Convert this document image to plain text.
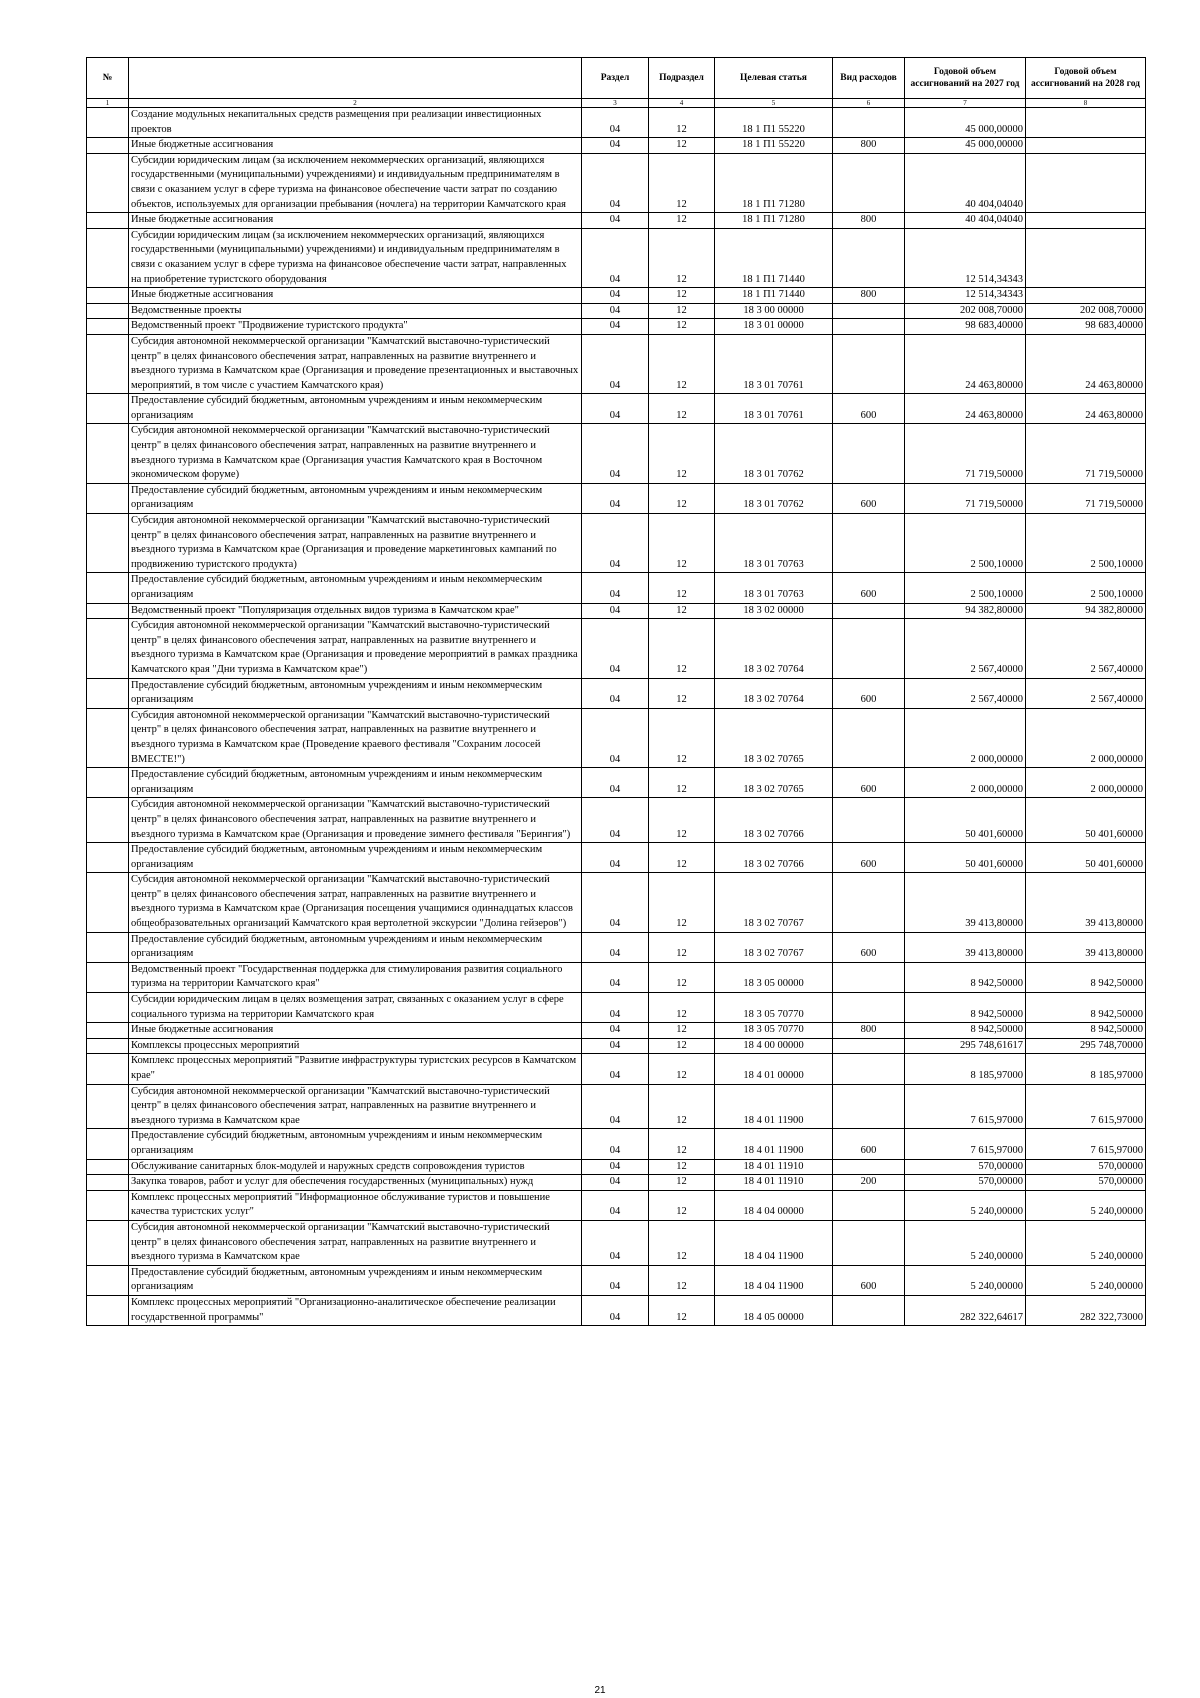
№		Раздел	Подраздел	Целевая статья	Вид расходов	Годовой объем ассигнований на 2027 год	Годовой объем ассигнований на 2028 год
1	2	3	4	5	6	7	8
	Создание модульных некапитальных средств размещения при реализации инвестиционных проектов	04	12	18 1 П1 55220		45 000,00000	
	Иные бюджетные ассигнования	04	12	18 1 П1 55220	800	45 000,00000	
	Субсидии юридическим лицам (за исключением некоммерческих организаций, являющихся государственными (муниципальными) учреждениями) и индивидуальным предпринимателям в связи с оказанием услуг в сфере туризма на финансовое обеспечение части затрат по созданию объектов, используемых для организации пребывания (ночлега) на территории Камчатского края	04	12	18 1 П1 71280		40 404,04040	
	Иные бюджетные ассигнования	04	12	18 1 П1 71280	800	40 404,04040	
	Субсидии юридическим лицам (за исключением некоммерческих организаций, являющихся государственными (муниципальными) учреждениями) и индивидуальным предпринимателям в связи с оказанием услуг в сфере туризма на финансовое обеспечение части затрат, направленных на приобретение туристского оборудования	04	12	18 1 П1 71440		12 514,34343	
	Иные бюджетные ассигнования	04	12	18 1 П1 71440	800	12 514,34343	
	Ведомственные проекты	04	12	18 3 00 00000		202 008,70000	202 008,70000
	Ведомственный проект "Продвижение туристского продукта"	04	12	18 3 01 00000		98 683,40000	98 683,40000
	Субсидия автономной некоммерческой организации "Камчатский выставочно-туристический центр" в целях финансового обеспечения затрат, направленных на развитие внутреннего и въездного туризма в Камчатском крае (Организация и проведение презентационных и выставочных мероприятий, в том числе с участием Камчатского края)	04	12	18 3 01 70761		24 463,80000	24 463,80000
	Предоставление субсидий бюджетным, автономным учреждениям и иным некоммерческим организациям	04	12	18 3 01 70761	600	24 463,80000	24 463,80000
	Субсидия автономной некоммерческой организации "Камчатский выставочно-туристический центр" в целях финансового обеспечения затрат, направленных на развитие внутреннего и въездного туризма в Камчатском крае (Организация участия Камчатского края в Восточном экономическом форуме)	04	12	18 3 01 70762		71 719,50000	71 719,50000
	Предоставление субсидий бюджетным, автономным учреждениям и иным некоммерческим организациям	04	12	18 3 01 70762	600	71 719,50000	71 719,50000
	Субсидия автономной некоммерческой организации "Камчатский выставочно-туристический центр" в целях финансового обеспечения затрат, направленных на развитие внутреннего и въездного туризма в Камчатском крае (Организация и проведение маркетинговых кампаний по продвижению туристского продукта)	04	12	18 3 01 70763		2 500,10000	2 500,10000
	Предоставление субсидий бюджетным, автономным учреждениям и иным некоммерческим организациям	04	12	18 3 01 70763	600	2 500,10000	2 500,10000
	Ведомственный проект "Популяризация отдельных видов туризма в Камчатском крае"	04	12	18 3 02 00000		94 382,80000	94 382,80000
	Субсидия автономной некоммерческой организации "Камчатский выставочно-туристический центр" в целях финансового обеспечения затрат, направленных на развитие внутреннего и въездного туризма в Камчатском крае (Организация и проведение мероприятий в рамках праздника Камчатского края "Дни туризма в Камчатском крае")	04	12	18 3 02 70764		2 567,40000	2 567,40000
	Предоставление субсидий бюджетным, автономным учреждениям и иным некоммерческим организациям	04	12	18 3 02 70764	600	2 567,40000	2 567,40000
	Субсидия автономной некоммерческой организации "Камчатский выставочно-туристический центр" в целях финансового обеспечения затрат, направленных на развитие внутреннего и въездного туризма в Камчатском крае (Проведение краевого фестиваля "Сохраним лососей ВМЕСТЕ!")	04	12	18 3 02 70765		2 000,00000	2 000,00000
	Предоставление субсидий бюджетным, автономным учреждениям и иным некоммерческим организациям	04	12	18 3 02 70765	600	2 000,00000	2 000,00000
	Субсидия автономной некоммерческой организации "Камчатский выставочно-туристический центр" в целях финансового обеспечения затрат, направленных на развитие внутреннего и въездного туризма в Камчатском крае (Организация и проведение зимнего фестиваля "Берингия")	04	12	18 3 02 70766		50 401,60000	50 401,60000
	Предоставление субсидий бюджетным, автономным учреждениям и иным некоммерческим организациям	04	12	18 3 02 70766	600	50 401,60000	50 401,60000
	Субсидия автономной некоммерческой организации "Камчатский выставочно-туристический центр" в целях финансового обеспечения затрат, направленных на развитие внутреннего и въездного туризма в Камчатском крае (Организация посещения учащимися одиннадцатых классов общеобразовательных организаций Камчатского края вертолетной экскурсии "Долина гейзеров")	04	12	18 3 02 70767		39 413,80000	39 413,80000
	Предоставление субсидий бюджетным, автономным учреждениям и иным некоммерческим организациям	04	12	18 3 02 70767	600	39 413,80000	39 413,80000
	Ведомственный проект "Государственная поддержка для стимулирования развития социального туризма на территории Камчатского края"	04	12	18 3 05 00000		8 942,50000	8 942,50000
	Субсидии юридическим лицам в целях возмещения затрат, связанных с оказанием услуг в сфере социального туризма на территории Камчатского края	04	12	18 3 05 70770		8 942,50000	8 942,50000
	Иные бюджетные ассигнования	04	12	18 3 05 70770	800	8 942,50000	8 942,50000
	Комплексы процессных мероприятий	04	12	18 4 00 00000		295 748,61617	295 748,70000
	Комплекс процессных мероприятий "Развитие инфраструктуры туристских ресурсов в Камчатском крае"	04	12	18 4 01 00000		8 185,97000	8 185,97000
	Субсидия автономной некоммерческой организации "Камчатский выставочно-туристический центр" в целях финансового обеспечения затрат, направленных на развитие внутреннего и въездного туризма в Камчатском крае	04	12	18 4 01 11900		7 615,97000	7 615,97000
	Предоставление субсидий бюджетным, автономным учреждениям и иным некоммерческим организациям	04	12	18 4 01 11900	600	7 615,97000	7 615,97000
	Обслуживание санитарных блок-модулей и наружных средств сопровождения туристов	04	12	18 4 01 11910		570,00000	570,00000
	Закупка товаров, работ и услуг для обеспечения государственных (муниципальных) нужд	04	12	18 4 01 11910	200	570,00000	570,00000
	Комплекс процессных мероприятий "Информационное обслуживание туристов и повышение качества туристских услуг"	04	12	18 4 04 00000		5 240,00000	5 240,00000
	Субсидия автономной некоммерческой организации "Камчатский выставочно-туристический центр" в целях финансового обеспечения затрат, направленных на развитие внутреннего и въездного туризма в Камчатском крае	04	12	18 4 04 11900		5 240,00000	5 240,00000
	Предоставление субсидий бюджетным, автономным учреждениям и иным некоммерческим организациям	04	12	18 4 04 11900	600	5 240,00000	5 240,00000
	Комплекс процессных мероприятий "Организационно-аналитическое обеспечение реализации государственной программы"	04	12	18 4 05 00000		282 322,64617	282 322,73000
21
